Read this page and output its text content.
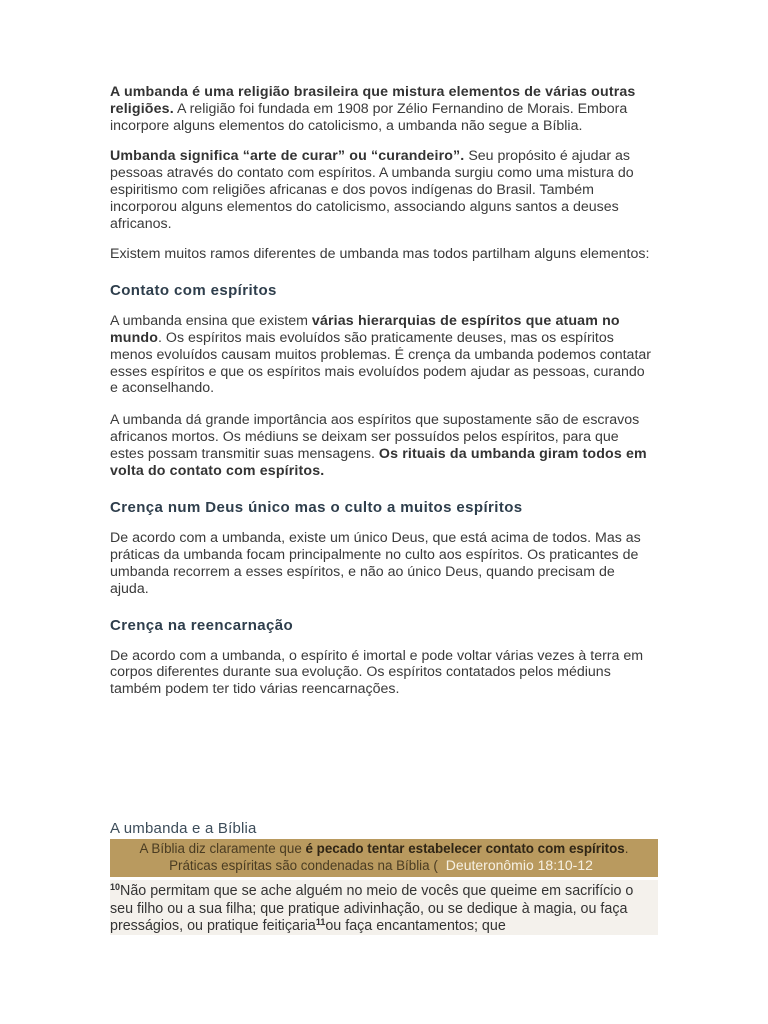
A umbanda é uma religião brasileira que mistura elementos de várias outras religiões. A religião foi fundada em 1908 por Zélio Fernandino de Morais. Embora incorpore alguns elementos do catolicismo, a umbanda não segue a Bíblia.

Umbanda significa “arte de curar” ou “curandeiro”. Seu propósito é ajudar as pessoas através do contato com espíritos. A umbanda surgiu como uma mistura do espiritismo com religiões africanas e dos povos indígenas do Brasil. Também incorporou alguns elementos do catolicismo, associando alguns santos a deuses africanos.

Existem muitos ramos diferentes de umbanda mas todos partilham alguns elementos:

Contato com espíritos

A umbanda ensina que existem várias hierarquias de espíritos que atuam no mundo. Os espíritos mais evoluídos são praticamente deuses, mas os espíritos menos evoluídos causam muitos problemas. É crença da umbanda podemos contatar esses espíritos e que os espíritos mais evoluídos podem ajudar as pessoas, curando e aconselhando.

A umbanda dá grande importância aos espíritos que supostamente são de escravos africanos mortos. Os médiuns se deixam ser possuídos pelos espíritos, para que estes possam transmitir suas mensagens. Os rituais da umbanda giram todos em volta do contato com espíritos.

Crença num Deus único mas o culto a muitos espíritos

De acordo com a umbanda, existe um único Deus, que está acima de todos. Mas as práticas da umbanda focam principalmente no culto aos espíritos. Os praticantes de umbanda recorrem a esses espíritos, e não ao único Deus, quando precisam de ajuda.

Crença na reencarnação

De acordo com a umbanda, o espírito é imortal e pode voltar várias vezes à terra em corpos diferentes durante sua evolução. Os espíritos contatados pelos médiuns também podem ter tido várias reencarnações.

A umbanda e a Bíblia
A Bíblia diz claramente que é pecado tentar estabelecer contato com espíritos.
Práticas espíritas são condenadas na Bíblia ( Deuteronômio 18:10-12

$^{10}$Não permitam que se ache alguém no meio de vocês que queime em sacrifício o seu filho ou a sua filha; que pratique adivinhação, ou se dedique à magia, ou faça presságios, ou pratique feitiçaria$^{11}$ou faça encantamentos; que
